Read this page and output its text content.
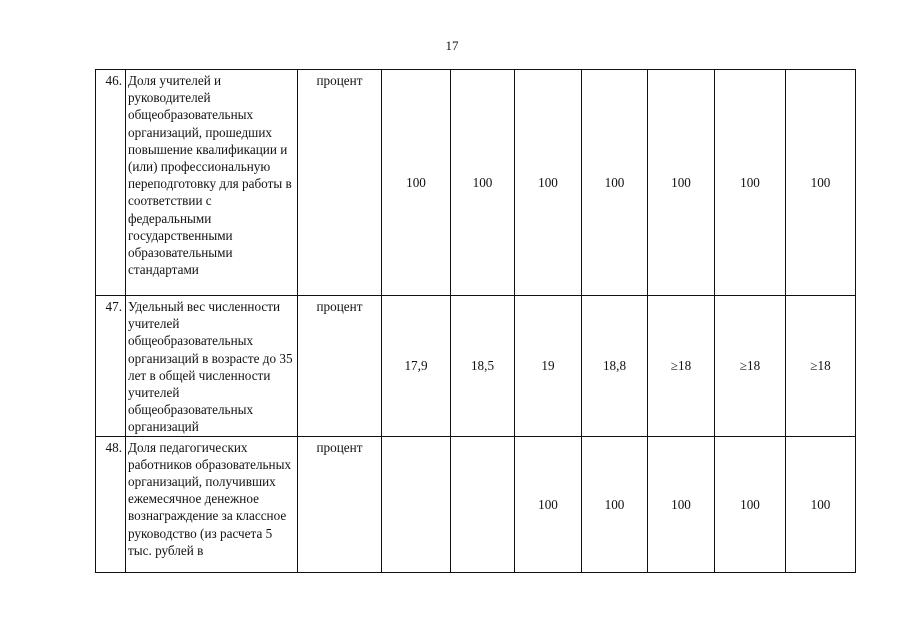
17
46.	Доля учителей и руководителей общеобразовательных организаций, прошедших повышение квалификации и (или) профессиональную переподготовку для работы в соответствии с федеральными государственными образовательными стандартами	процент	100	100	100	100	100	100	100
47.	Удельный вес численности учителей общеобразовательных организаций в возрасте до 35 лет в общей численности учителей общеобразовательных организаций	процент	17,9	18,5	19	18,8	≥18	≥18	≥18
48.	Доля педагогических работников образовательных организаций, получивших ежемесячное денежное вознаграждение за классное руководство (из расчета 5 тыс. рублей в	процент			100	100	100	100	100
